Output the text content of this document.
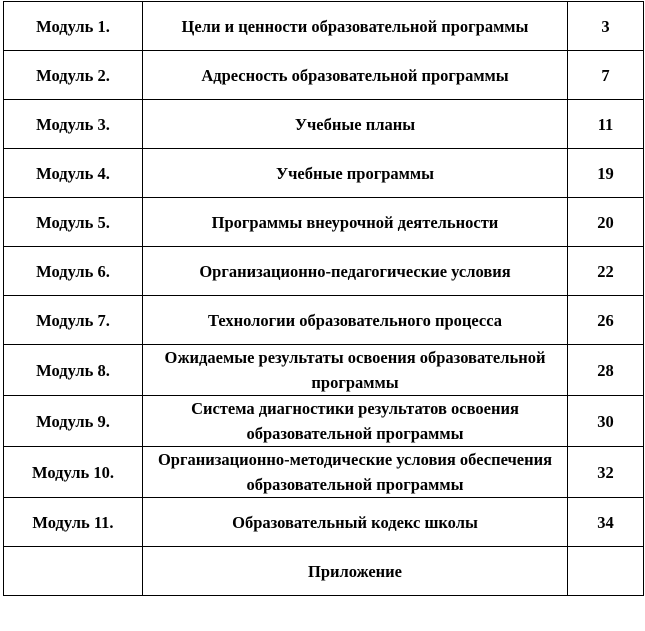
Модуль 1.	Цели и ценности образовательной программы	3
Модуль 2.	Адресность образовательной программы	7
Модуль 3.	Учебные планы	11
Модуль 4.	Учебные программы	19
Модуль 5.	Программы внеурочной деятельности	20
Модуль 6.	Организационно-педагогические условия	22
Модуль 7.	Технологии образовательного процесса	26
Модуль 8.	Ожидаемые результаты освоения образовательной программы	28
Модуль 9.	Система диагностики результатов освоения образовательной программы	30
Модуль 10.	Организационно-методические условия обеспечения образовательной программы	32
Модуль 11.	Образовательный кодекс школы	34
	Приложение	
